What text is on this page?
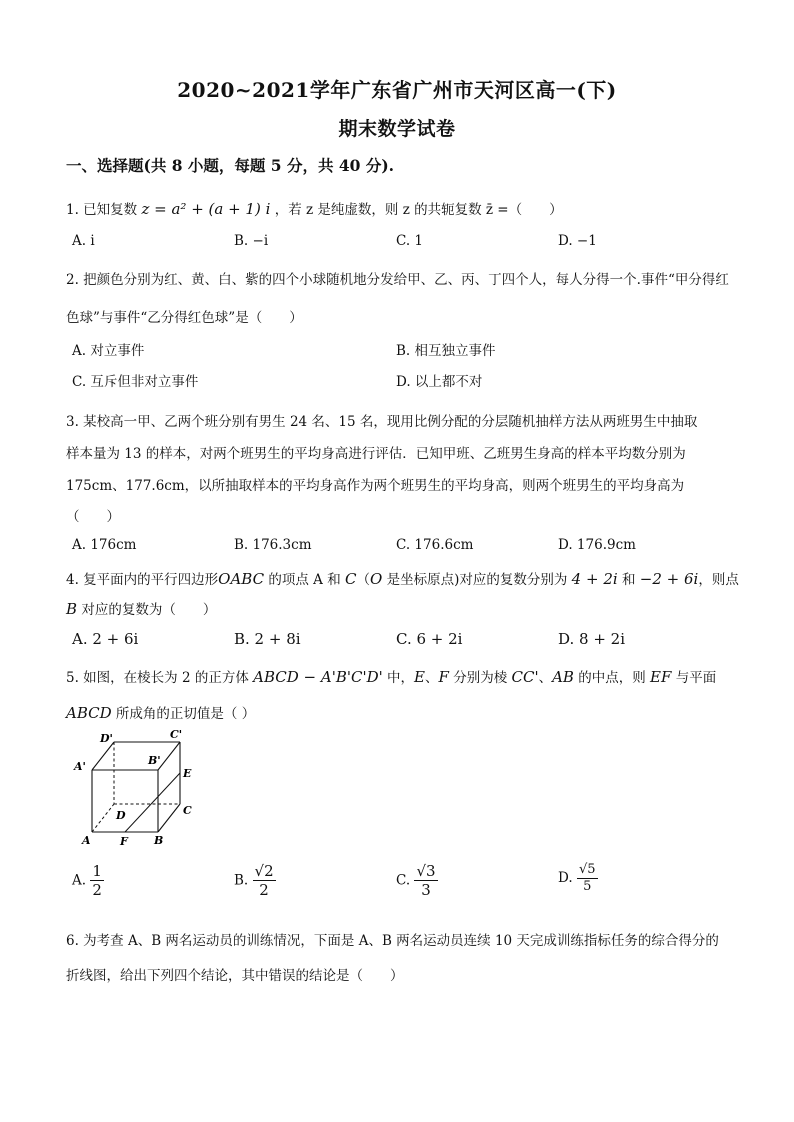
2020~2021学年广东省广州市天河区高一(下)
期末数学试卷
一、选择题(共 8 小题，每题 5 分，共 40 分).
1. 已知复数 z = a² + (a + 1) i ，若 z 是纯虚数，则 z 的共轭复数 z̄ =（　　）
A. i	B. −i	C. 1	D. −1
2. 把颜色分别为红、黄、白、紫的四个小球随机地分发给甲、乙、丙、丁四个人，每人分得一个.事件“甲分得红
色球”与事件“乙分得红色球”是（　　）
A. 对立事件	B. 相互独立事件
C. 互斥但非对立事件	D. 以上都不对
3. 某校高一甲、乙两个班分别有男生 24 名、15 名，现用比例分配的分层随机抽样方法从两班男生中抽取
样本量为 13 的样本，对两个班男生的平均身高进行评估．已知甲班、乙班男生身高的样本平均数分别为
175cm、177.6cm，以所抽取样本的平均身高作为两个班男生的平均身高，则两个班男生的平均身高为
（　　）
A. 176cm	B. 176.3cm	C. 176.6cm	D. 176.9cm
4. 复平面内的平行四边形OABC 的项点 A 和 C（O 是坐标原点)对应的复数分别为 4 + 2i 和 −2 + 6i，则点
B 对应的复数为（　　）
A. 2 + 6i	B. 2 + 8i	C. 6 + 2i	D. 8 + 2i
5. 如图，在棱长为 2 的正方体 ABCD − A'B'C'D' 中，E、F 分别为棱 CC'、AB 的中点，则 EF 与平面
ABCD 所成角的正切值是（ ）
D'	C'
A'	B'
E
D	C
A	F B
A. $\frac{1}{2}$	B. $\frac{√2}{2}$	C. $\frac{√3}{3}$	D. $\frac{√5}{5}$
6. 为考查 A、B 两名运动员的训练情况，下面是 A、B 两名运动员连续 10 天完成训练指标任务的综合得分的
折线图，给出下列四个结论，其中错误的结论是（　　）
